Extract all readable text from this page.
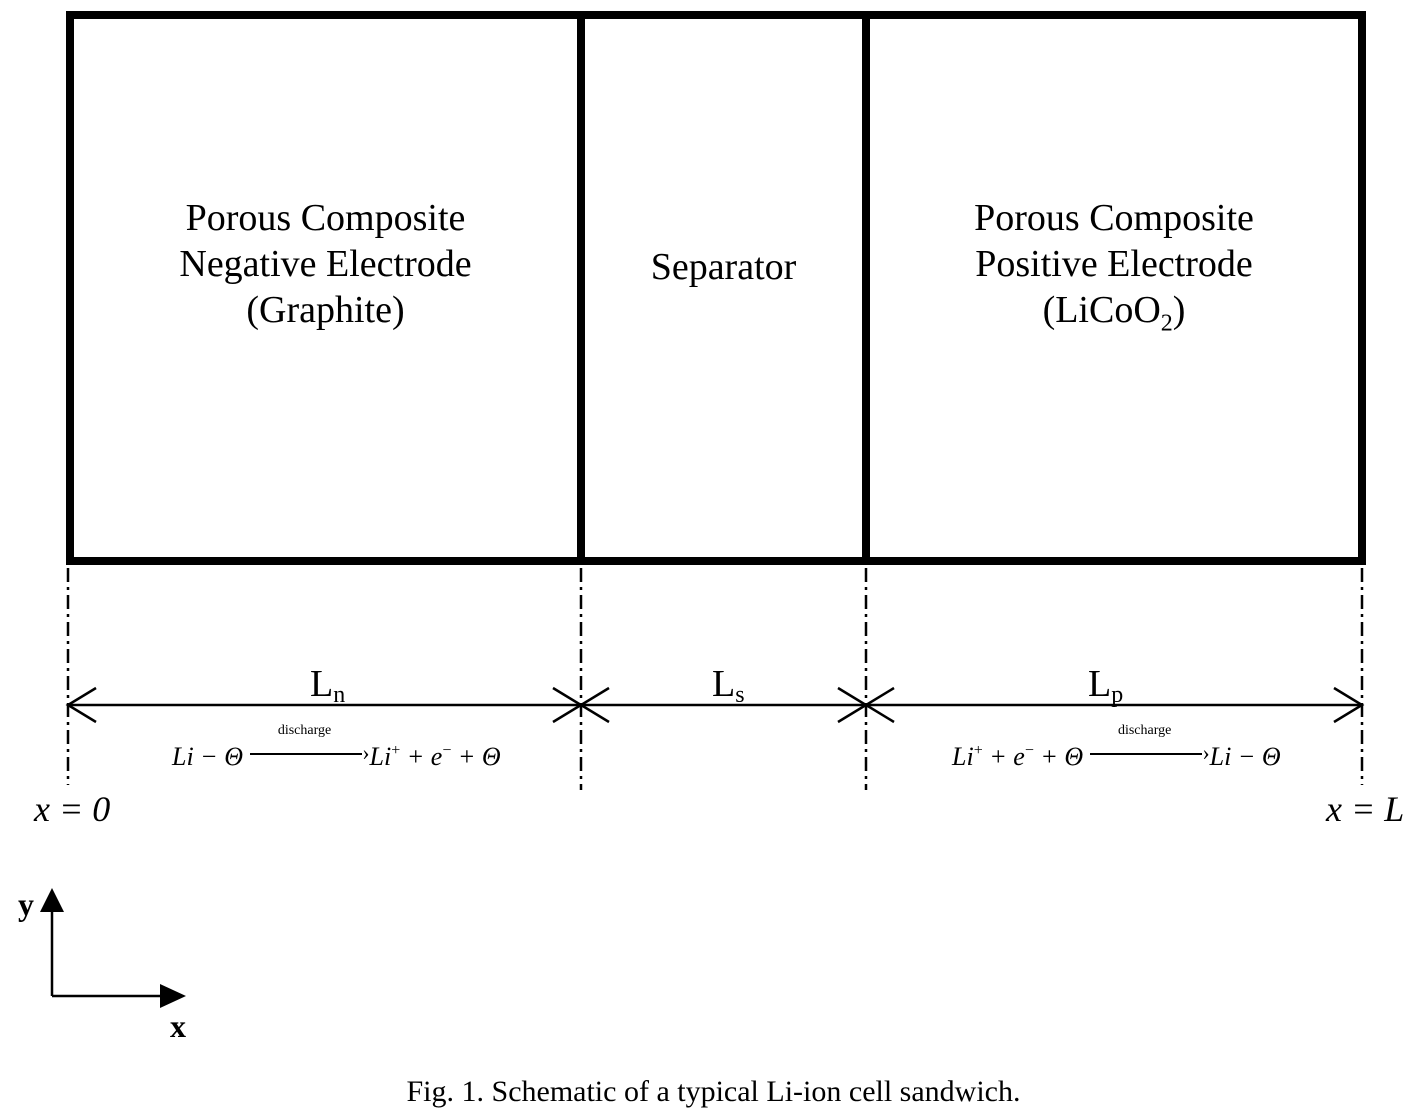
Porous Composite
Negative Electrode
(Graphite)
Separator
Porous Composite
Positive Electrode
(LiCoO$_2$)
$L_n$	$L_s$	$L_p$
Li − Θ
discharge
› Li+ + e− + Θ	Li+ + e− + Θ
discharge
› Li − Θ
x = 0	x = L
y
x
Fig. 1. Schematic of a typical Li-ion cell sandwich.
